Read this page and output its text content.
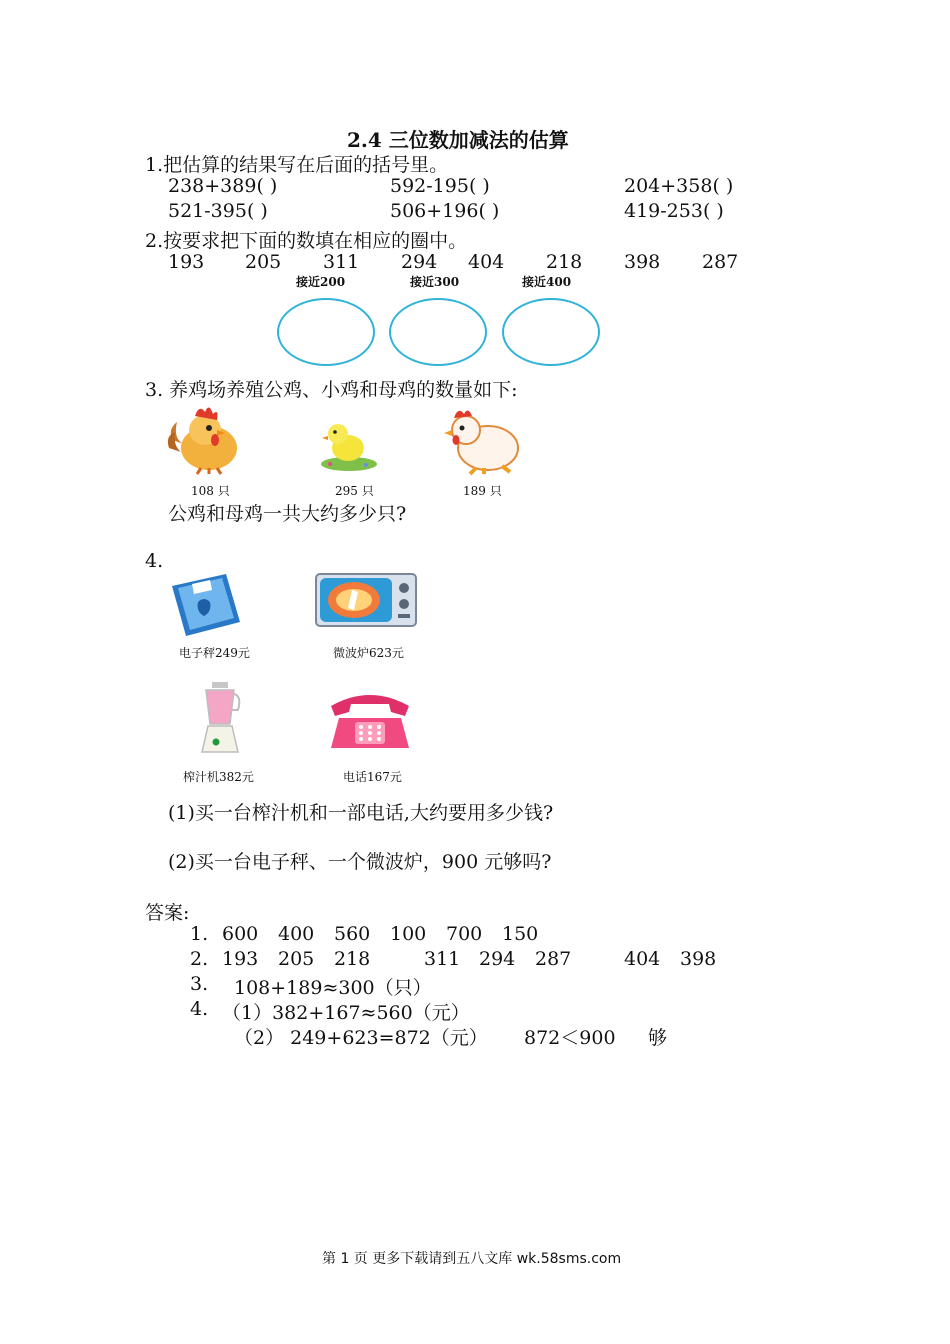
2.4 三位数加减法的估算
1.把估算的结果写在后面的括号里。
238+389( )	592-195( )	204+358( )
521-395( )	506+196( )	419-253( )
2.按要求把下面的数填在相应的圈中。
193 205 311 294 404 218 398 287
接近200	接近300	接近400
3. 养鸡场养殖公鸡、小鸡和母鸡的数量如下:
108 只	295 只	189 只
公鸡和母鸡一共大约多少只?
4.
电子秤249元	微波炉623元
榨汁机382元	电话167元
(1)买一台榨汁机和一部电话,大约要用多少钱?
(2)买一台电子秤、一个微波炉，900 元够吗?
答案:
1. 600 400 560 100 700 150
2. 193 205 218	311 294 287	404 398
3. 108+189≈300（只）
4. （1）382+167≈560（元）
（2） 249+623=872（元） 872＜900 够
第 1 页 更多下载请到五八文库 wk.58sms.com
